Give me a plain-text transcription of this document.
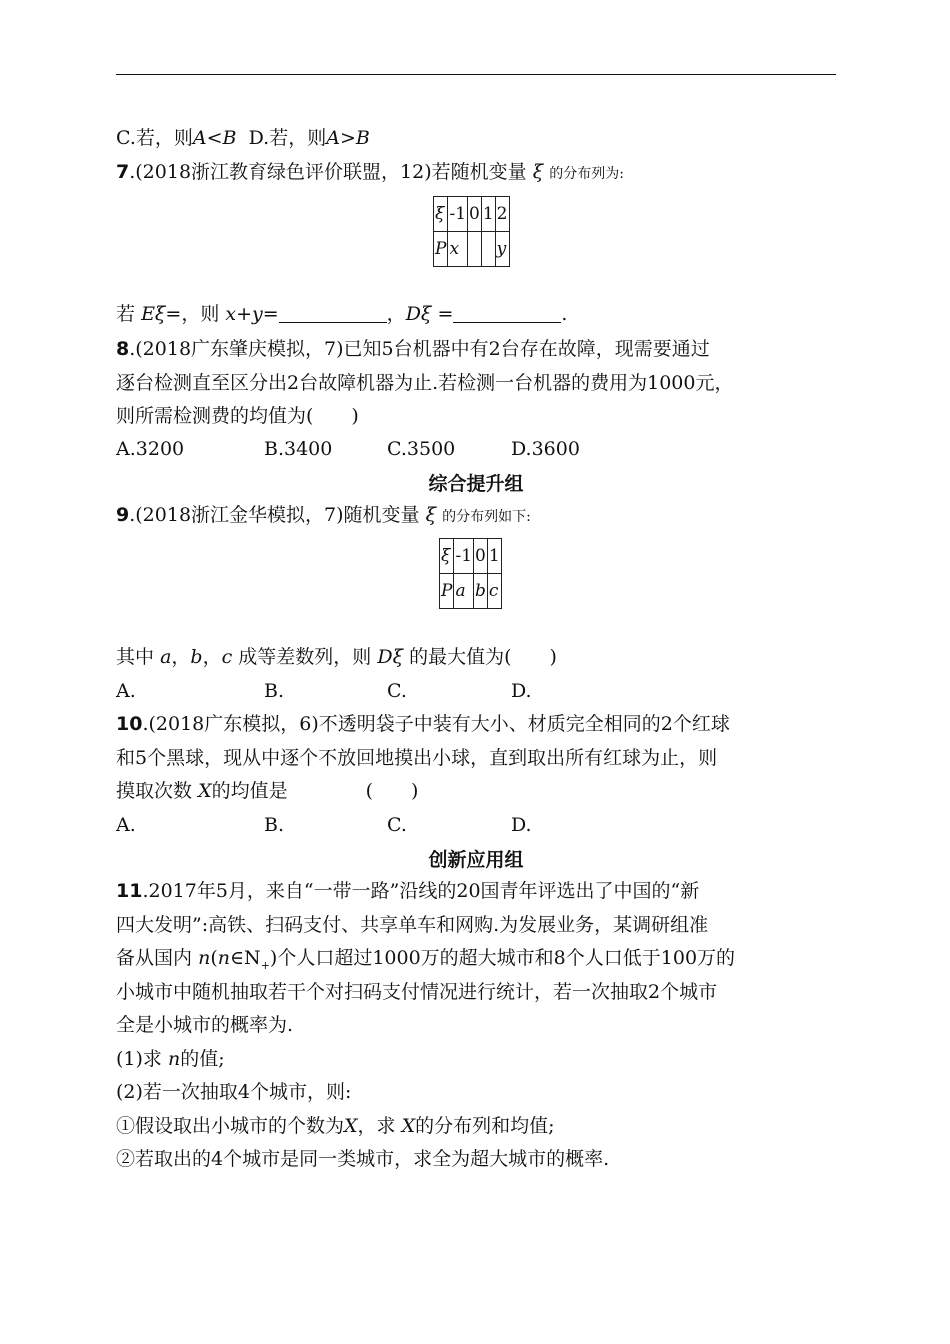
C.若，则A<B D.若，则A>B
7.(2018浙江教育绿色评价联盟，12)若随机变量 ξ 的分布列为:
ξ	-1	0	1	2
P	x			y
若 Eξ=，则 x+y=	，Dξ =	.
8.(2018广东肇庆模拟，7)已知5台机器中有2台存在故障，现需要通过
逐台检测直至区分出2台故障机器为止.若检测一台机器的费用为1000元，
则所需检测费的均值为(　　)
A.3200	B.3400	C.3500	D.3600
综合提升组
9.(2018浙江金华模拟，7)随机变量 ξ 的分布列如下:
ξ	-1	0	1
P	a	b	c
其中 a，b，c 成等差数列，则 Dξ 的最大值为(　　)
A.	B.	C.	D.
10.(2018广东模拟，6)不透明袋子中装有大小、材质完全相同的2个红球
和5个黑球，现从中逐个不放回地摸出小球，直到取出所有红球为止，则
摸取次数 X的均值是	(　　)
A.	B.	C.	D.
创新应用组
11.2017年5月，来自“一带一路”沿线的20国青年评选出了中国的“新
四大发明”:高铁、扫码支付、共享单车和网购.为发展业务，某调研组准
备从国内 $n(n\in N_+)$个人口超过1000万的超大城市和8个人口低于100万的
小城市中随机抽取若干个对扫码支付情况进行统计，若一次抽取2个城市
全是小城市的概率为.
(1)求 n的值;
(2)若一次抽取4个城市，则:
①假设取出小城市的个数为X，求 X的分布列和均值;
②若取出的4个城市是同一类城市，求全为超大城市的概率.
